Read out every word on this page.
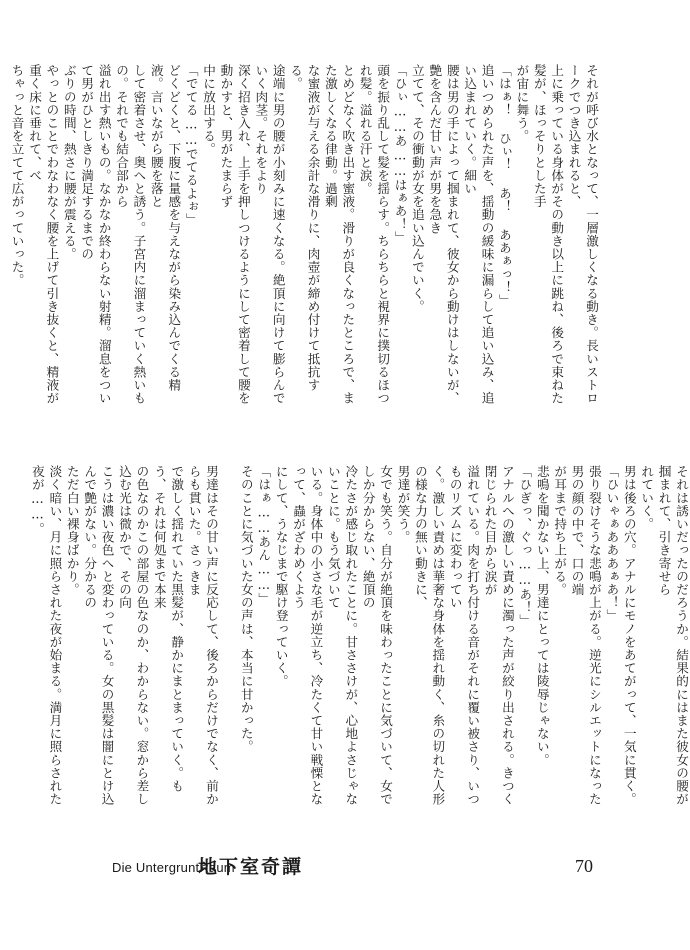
それが呼び水となって、一層激しくなる動き。長いストロークでつき込まれると、

上に乗っている身体がその動き以上に跳ね、後ろで束ねた髪が、ほっそりとした手

が宙に舞う。

「はぁ！ ひぃ！ あ！ ああぁっ！」

追いつめられた声を、揺動の緩味に漏らして追い込み、追い込まれていく。細い

腰は男の手によって掴まれて、彼女から動けはしないが、艶を含んだ甘い声が男を急き

立てて、その衝動が女を追い込んでいく。

「ひぃ……あ……はぁあ！」

頭を振り乱して髪を揺らす。ちらちらと視界に撲切るほつれ髪。溢れる汗と涙。

とめどなく吹き出す蜜液。滑りが良くなったところで、また激しくなる律動。過剰

な蜜液が与える余計な滑りに、肉壺が締め付けて抵抗する。

途端に男の腰が小刻みに速くなる。絶頂に向けて膨らんでいく肉茎。それをより

深く招き入れ、上手を押しつけるようにして密着して腰を動かすと、男がたまらず

中に放出する。

「でてる……でてるよぉ」

どくどくと、下腹に量感を与えながら染み込んでくる精液。言いながら腰を落と

して密着させ、奥へと誘う。子宮内に溜まっていく熱いもの。それでも結合部から

溢れ出す熱いもの。なかなか終わらない射精。溜息をついて男がひとしきり満足するまでの

ぶりの時間、熱さに腰が震える。

やっとのことでわなわなく腰を上げて引き抜くと、精液が重く床に垂れて、べ

ちゃっと音を立てて広がっていった。

それは誘いだったのだろうか。結果的にはまた彼女の腰が掴まれて、引き寄せら

れていく。

男は後ろの穴。アナルにモノをあてがって、一気に貫く。

「ひいゃぁあああぁあ！」

張り裂けそうな悲鳴が上がる。逆光にシルエットになった男の顔の中で、口の端

が耳まで持ち上がる。

悲鳴を聞かない上、男達にとっては陵辱じゃない。

「ひぎっ、ぐっ……あ！」

アナルへの激しい責めに濁った声が絞り出される。きつく閉じられた目から涙が

溢れている。肉を打ち付ける音がそれに覆い被さり、いつものリズムに変わってい

く。激しい責めは華奢な身体を揺れ動く、糸の切れた人形の様な力の無い動きに、

男達が笑う。

女でも笑う。自分が絶頂を味わったことに気づいて、女でしか分からない、絶頂の

冷たさが感じ取れたことに。甘ささけが、心地よさじゃないことに。もう気づいて

いる。身体中の小さな毛が逆立ち、冷たくて甘い戦慄となって、蟲がざわめくよう

にして、うなじまで駆け登っていく。

「はぁ……あん……」

そのことに気づいた女の声は、本当に甘かった。

男達はその甘い声に反応して、後ろからだけでなく、前からも貫いた。さっきま

で激しく揺れていた黒髪が、静かにまとまっていく。もう、それは何処まで本来

の色なのかこの部屋の色なのか、わからない。窓から差し込む光は微かで、その向

こうは濃い夜色へと変わっている。女の黒髪は闇にとけ込んで艶がない。分かるの

ただ白い裸身ばかり。

淡く暗い、月に照らされた夜が始まる。満月に照らされた夜が……。

Die UntergruntRaum
地下室奇譚	70
